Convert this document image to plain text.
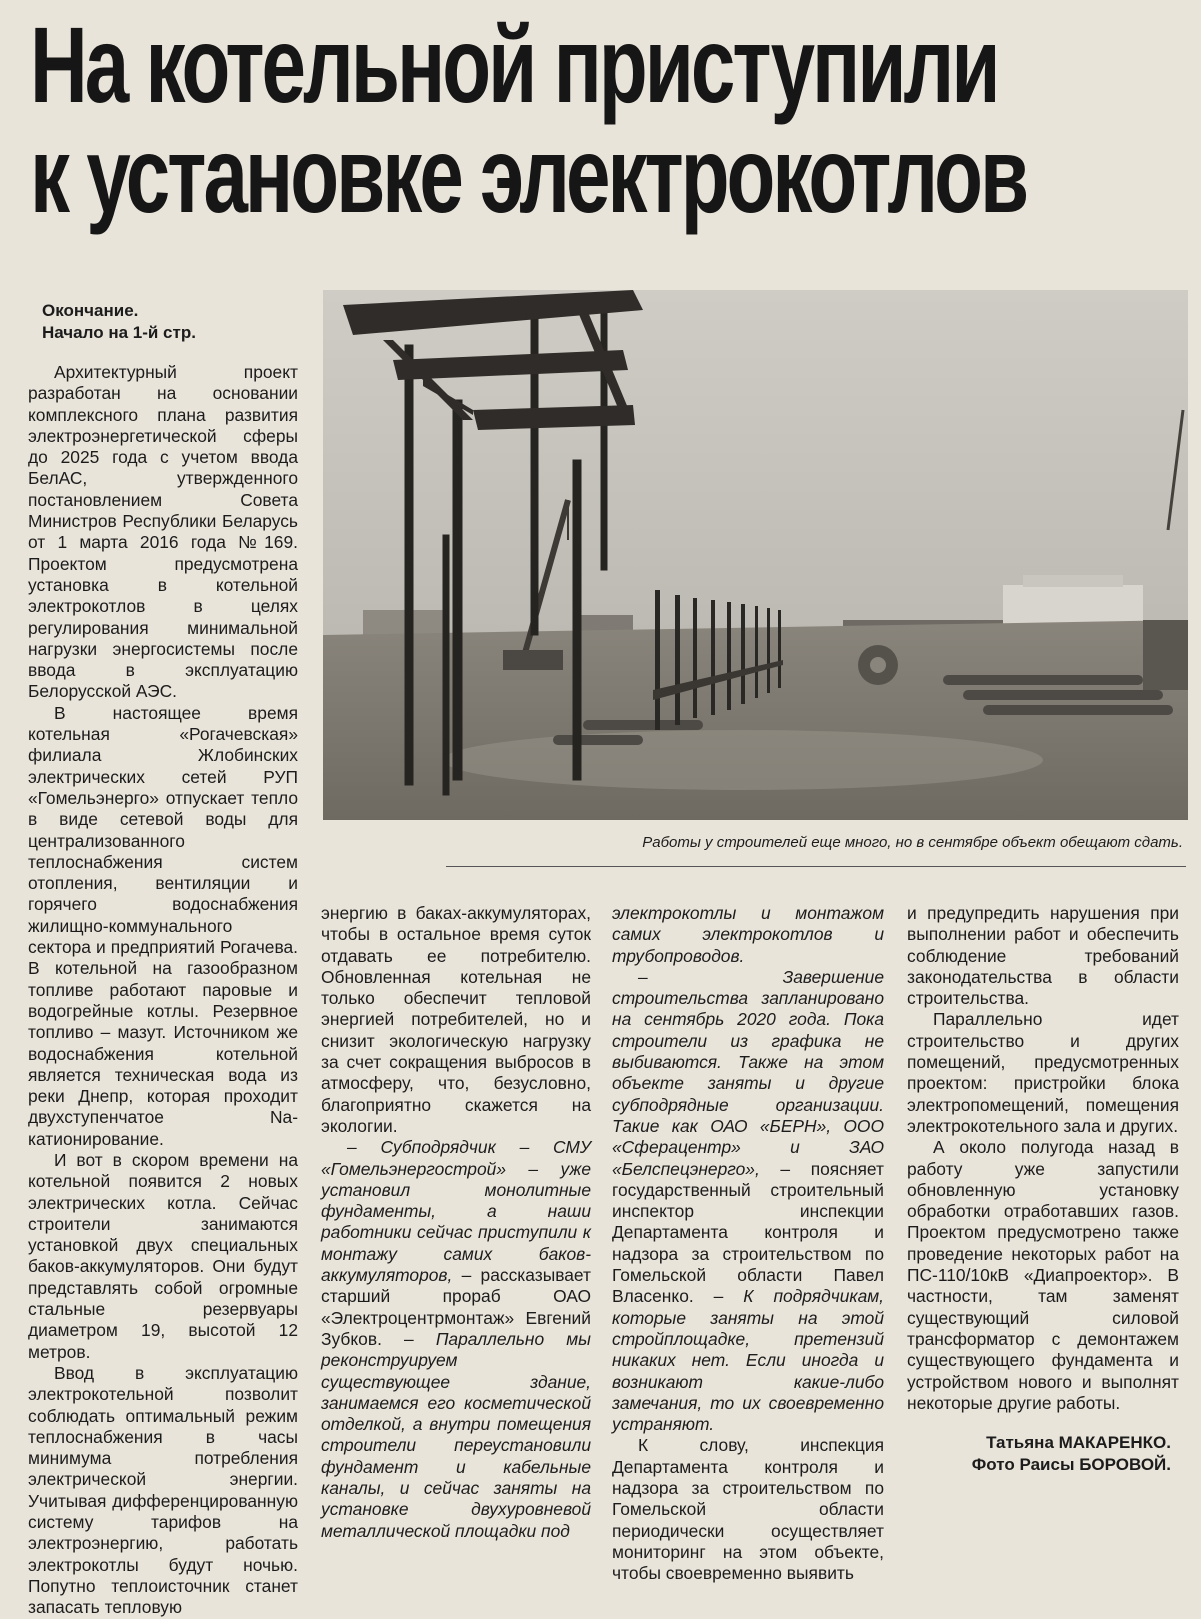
На котельной приступили
к установке электрокотлов

Окончание.

Начало на 1-й стр.

Архитектурный проект разработан на основании комплексного плана развития электроэнергетической сферы до 2025 года с учетом ввода БелАС, утвержденного постановлением Совета Министров Республики Беларусь от 1 марта 2016 года №169. Проектом предусмотрена установка в котельной электрокотлов в целях регулирования минимальной нагрузки энергосистемы после ввода в эксплуатацию Белорусской АЭС.

В настоящее время котельная «Рогачевская» филиала Жлобинских электрических сетей РУП «Гомельэнерго» отпускает тепло в виде сетевой воды для централизованного теплоснабжения систем отопления, вентиляции и горячего водоснабжения жилищно-коммунального сектора и предприятий Рогачева. В котельной на газообразном топливе работают паровые и водогрейные котлы. Резервное топливо – мазут. Источником же водоснабжения котельной является техническая вода из реки Днепр, которая проходит двухступенчатое Na-катионирование.

И вот в скором времени на котельной появится 2 новых электрических котла. Сейчас строители занимаются установкой двух специальных баков-аккумуляторов. Они будут представлять собой огромные стальные резервуары диаметром 19, высотой 12 метров.

Ввод в эксплуатацию электрокотельной позволит соблюдать оптимальный режим теплоснабжения в часы минимума потребления электрической энергии. Учитывая дифференцированную систему тарифов на электроэнергию, работать электрокотлы будут ночью. Попутно теплоисточник станет запасать тепловую

Работы у строителей еще много, но в сентябре объект обещают сдать.

энергию в баках-аккумуляторах, чтобы в остальное время суток отдавать ее потребителю. Обновленная котельная не только обеспечит тепловой энергией потребителей, но и снизит экологическую нагрузку за счет сокращения выбросов в атмосферу, что, безусловно, благоприятно скажется на экологии.

– Субподрядчик – СМУ «Гомельэнергострой» – уже установил монолитные фундаменты, а наши работники сейчас приступили к монтажу самих баков-аккумуляторов, – рассказывает старший прораб ОАО «Электроцентрмонтаж» Евгений Зубков. – Параллельно мы реконструируем существующее здание, занимаемся его косметической отделкой, а внутри помещения строители переустановили фундамент и кабельные каналы, и сейчас заняты на установке двухуровневой металлической площадки под

электрокотлы и монтажом самих электрокотлов и трубопроводов.

– Завершение строительства запланировано на сентябрь 2020 года. Пока строители из графика не выбиваются. Также на этом объекте заняты и другие субподрядные организации. Такие как ОАО «БЕРН», ООО «Сферацентр» и ЗАО «Белспецэнерго», – поясняет государственный строительный инспектор инспекции Департамента контроля и надзора за строительством по Гомельской области Павел Власенко. – К подрядчикам, которые заняты на этой стройплощадке, претензий никаких нет. Если иногда и возникают какие-либо замечания, то их своевременно устраняют.

К слову, инспекция Департамента контроля и надзора за строительством по Гомельской области периодически осуществляет мониторинг на этом объекте, чтобы своевременно выявить

и предупредить нарушения при выполнении работ и обеспечить соблюдение требований законодательства в области строительства.

Параллельно идет строительство и других помещений, предусмотренных проектом: пристройки блока электропомещений, помещения электрокотельного зала и других.

А около полугода назад в работу уже запустили обновленную установку обработки отработавших газов. Проектом предусмотрено также проведение некоторых работ на ПС-110/10кВ «Диапроектор». В частности, там заменят существующий силовой трансформатор с демонтажем существующего фундамента и устройством нового и выполнят некоторые другие работы.

Татьяна МАКАРЕНКО.
Фото Раисы БОРОВОЙ.
